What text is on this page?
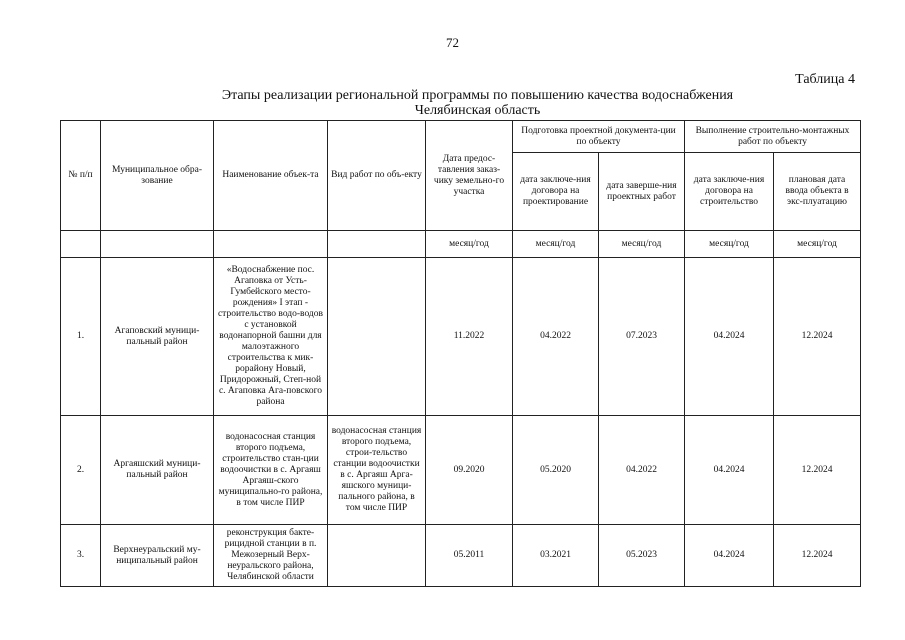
72
Таблица 4
Этапы реализации региональной программы по повышению качества водоснабжения
Челябинская область
№ п/п	Муниципальное обра-зование	Наименование объек-та	Вид работ по объ-екту	Дата предос-тавления заказ-чику земельно-го участка	Подготовка проектной документа-ции по объекту		Выполнение строительно-монтажных работ по объекту	
					дата заключе-ния договора на проектирование	дата заверше-ния проектных работ	дата заключе-ния договора на строительство	плановая дата ввода объекта в экс-плуатацию
				месяц/год	месяц/год	месяц/год	месяц/год	месяц/год
1.	Агаповский муници-пальный район	«Водоснабжение пос. Агаповка от Усть-Гумбейского место-рождения» I этап - строительство водо-водов с установкой водонапорной башни для малоэтажного строительства к мик-рорайону Новый, Придорожный, Степ-ной с. Агаповка Ага-повского района		11.2022	04.2022	07.2023	04.2024	12.2024
2.	Аргаяшский муници-пальный район	водонасосная станция второго подъема, строительство стан-ции водоочистки в с. Аргаяш Аргаяш-ского муниципально-го района, в том числе ПИР	водонасосная станция второго подъема, строи-тельство станции водоочистки в с. Аргаяш Арга-яшского муници-пального района, в том числе ПИР	09.2020	05.2020	04.2022	04.2024	12.2024
3.	Верхнеуральский му-ниципальный район	реконструкция бакте-рицидной станции в п. Межозерный Верх-неуральского района, Челябинской области		05.2011	03.2021	05.2023	04.2024	12.2024
